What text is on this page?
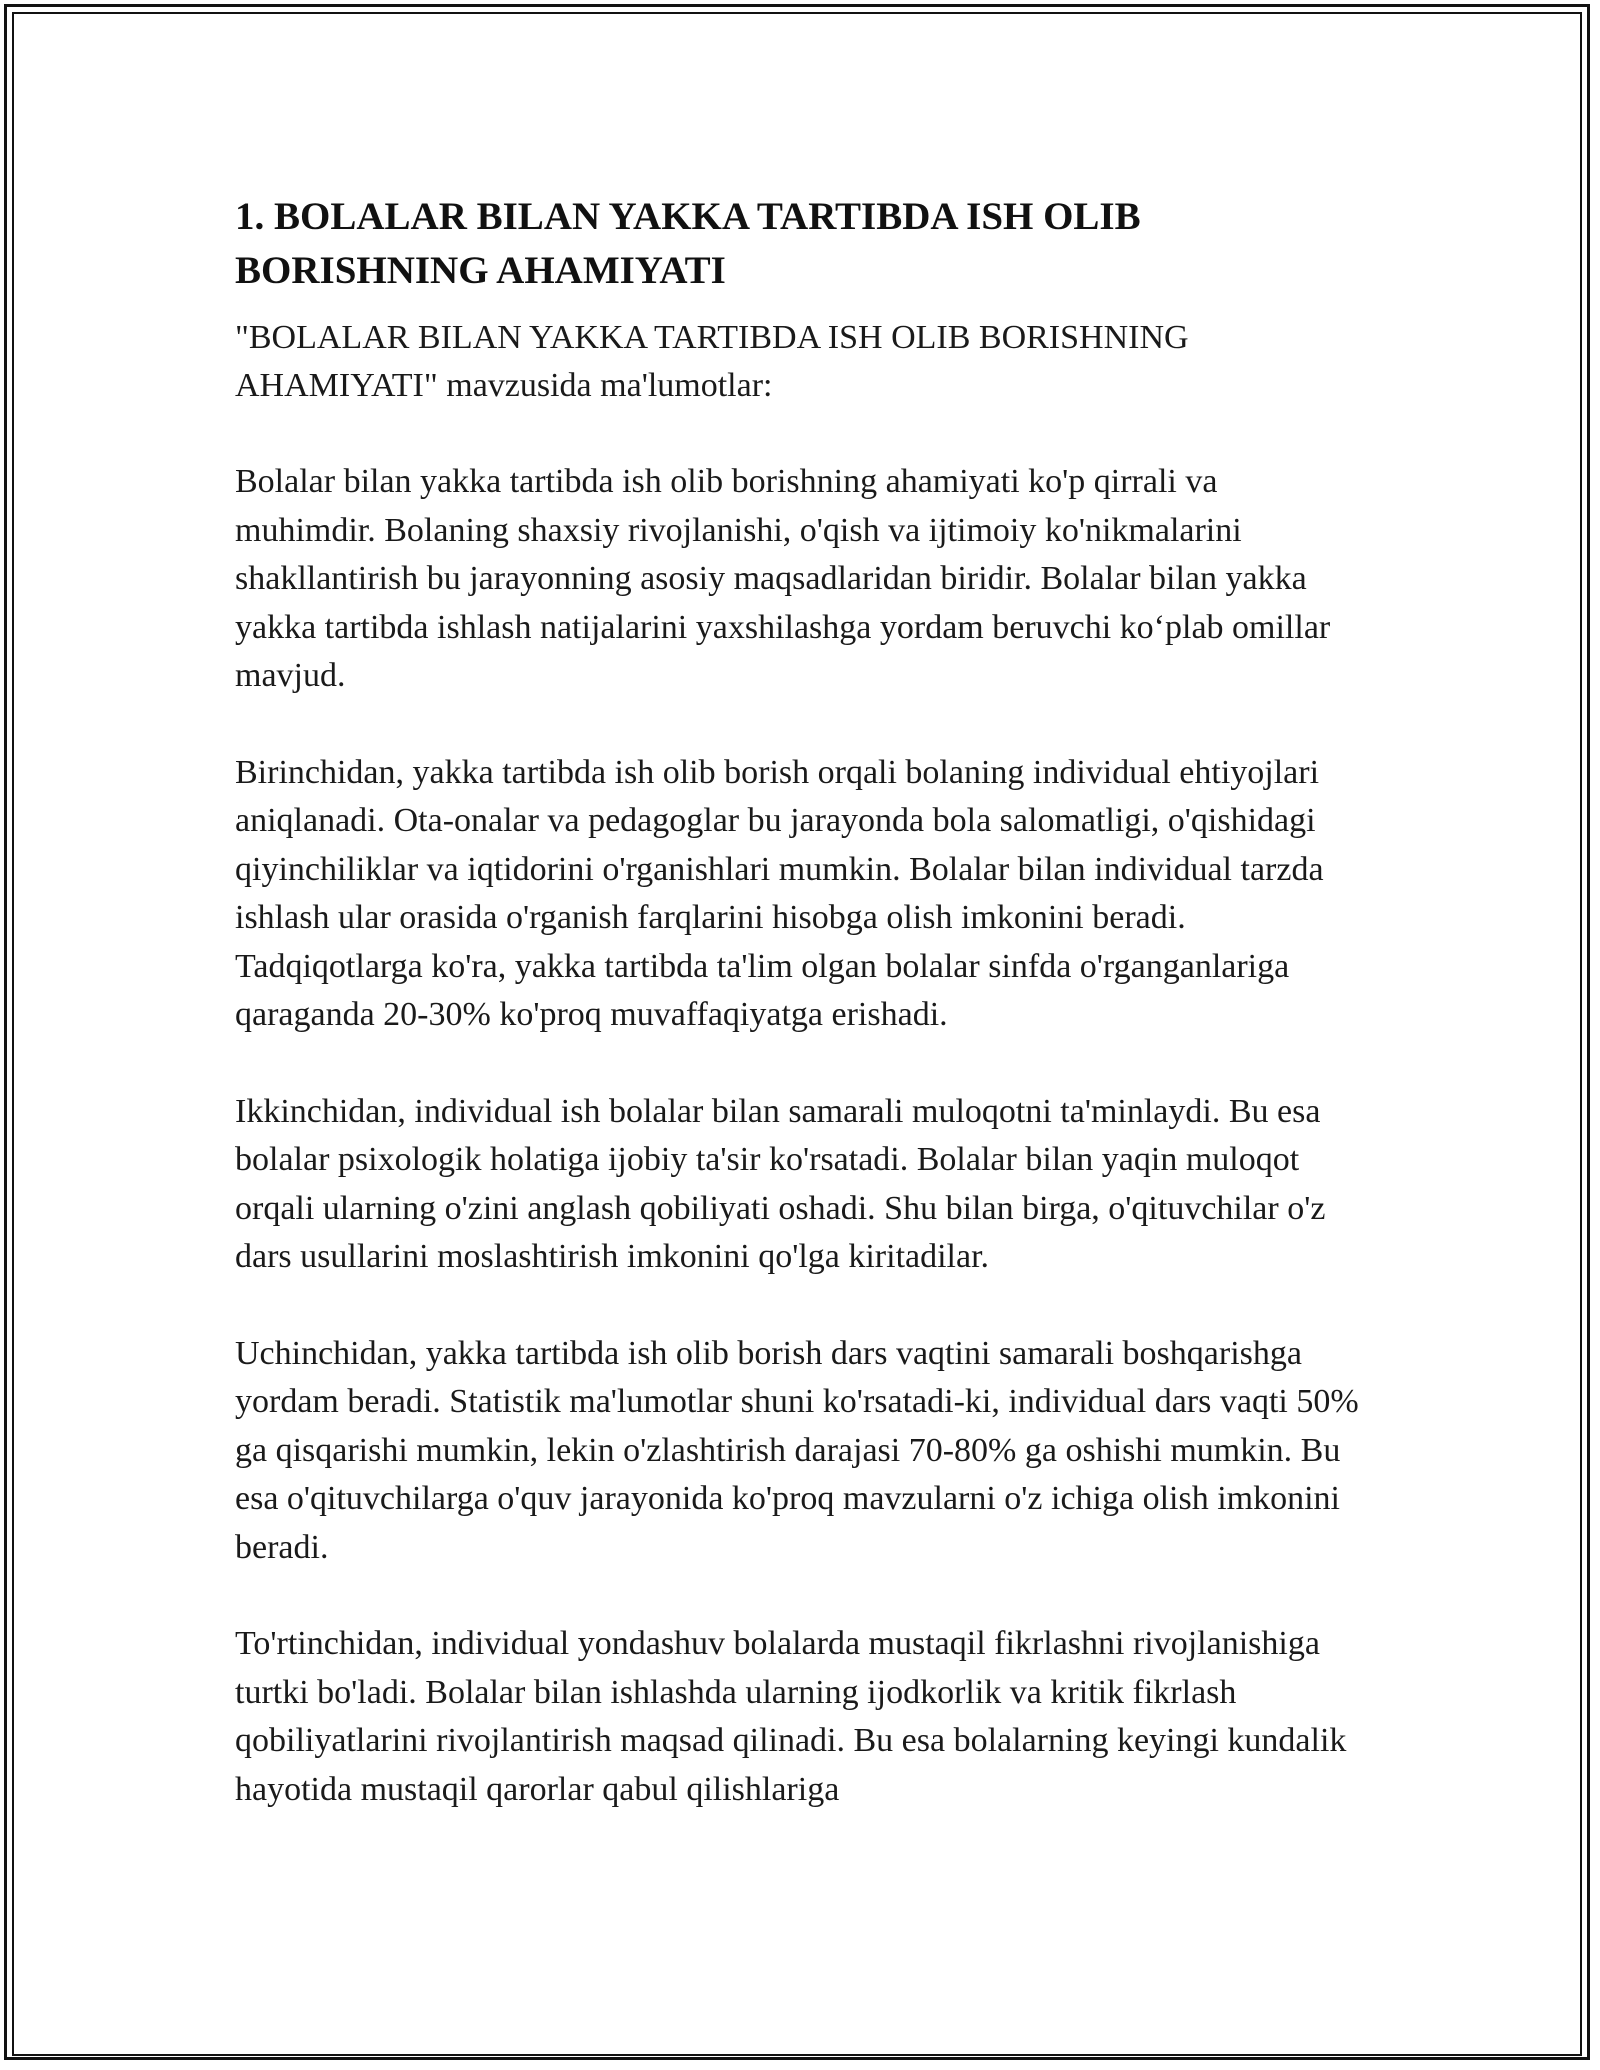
1. BOLALAR BILAN YAKKA TARTIBDA ISH OLIB BORISHNING AHAMIYATI

"BOLALAR BILAN YAKKA TARTIBDA ISH OLIB BORISHNING AHAMIYATI" mavzusida ma'lumotlar:

Bolalar bilan yakka tartibda ish olib borishning ahamiyati ko'p qirrali va muhimdir. Bolaning shaxsiy rivojlanishi, o'qish va ijtimoiy ko'nikmalarini shakllantirish bu jarayonning asosiy maqsadlaridan biridir. Bolalar bilan yakka yakka tartibda ishlash natijalarini yaxshilashga yordam beruvchi ko‘plab omillar mavjud.

Birinchidan, yakka tartibda ish olib borish orqali bolaning individual ehtiyojlari aniqlanadi. Ota-onalar va pedagoglar bu jarayonda bola salomatligi, o'qishidagi qiyinchiliklar va iqtidorini o'rganishlari mumkin. Bolalar bilan individual tarzda ishlash ular orasida o'rganish farqlarini hisobga olish imkonini beradi. Tadqiqotlarga ko'ra, yakka tartibda ta'lim olgan bolalar sinfda o'rganganlariga qaraganda 20-30% ko'proq muvaffaqiyatga erishadi.

Ikkinchidan, individual ish bolalar bilan samarali muloqotni ta'minlaydi. Bu esa bolalar psixologik holatiga ijobiy ta'sir ko'rsatadi. Bolalar bilan yaqin muloqot orqali ularning o'zini anglash qobiliyati oshadi. Shu bilan birga, o'qituvchilar o'z dars usullarini moslashtirish imkonini qo'lga kiritadilar.

Uchinchidan, yakka tartibda ish olib borish dars vaqtini samarali boshqarishga yordam beradi. Statistik ma'lumotlar shuni ko'rsatadi-ki, individual dars vaqti 50% ga qisqarishi mumkin, lekin o'zlashtirish darajasi 70-80% ga oshishi mumkin. Bu esa o'qituvchilarga o'quv jarayonida ko'proq mavzularni o'z ichiga olish imkonini beradi.

To'rtinchidan, individual yondashuv bolalarda mustaqil fikrlashni rivojlanishiga turtki bo'ladi. Bolalar bilan ishlashda ularning ijodkorlik va kritik fikrlash qobiliyatlarini rivojlantirish maqsad qilinadi. Bu esa bolalarning keyingi kundalik hayotida mustaqil qarorlar qabul qilishlariga
